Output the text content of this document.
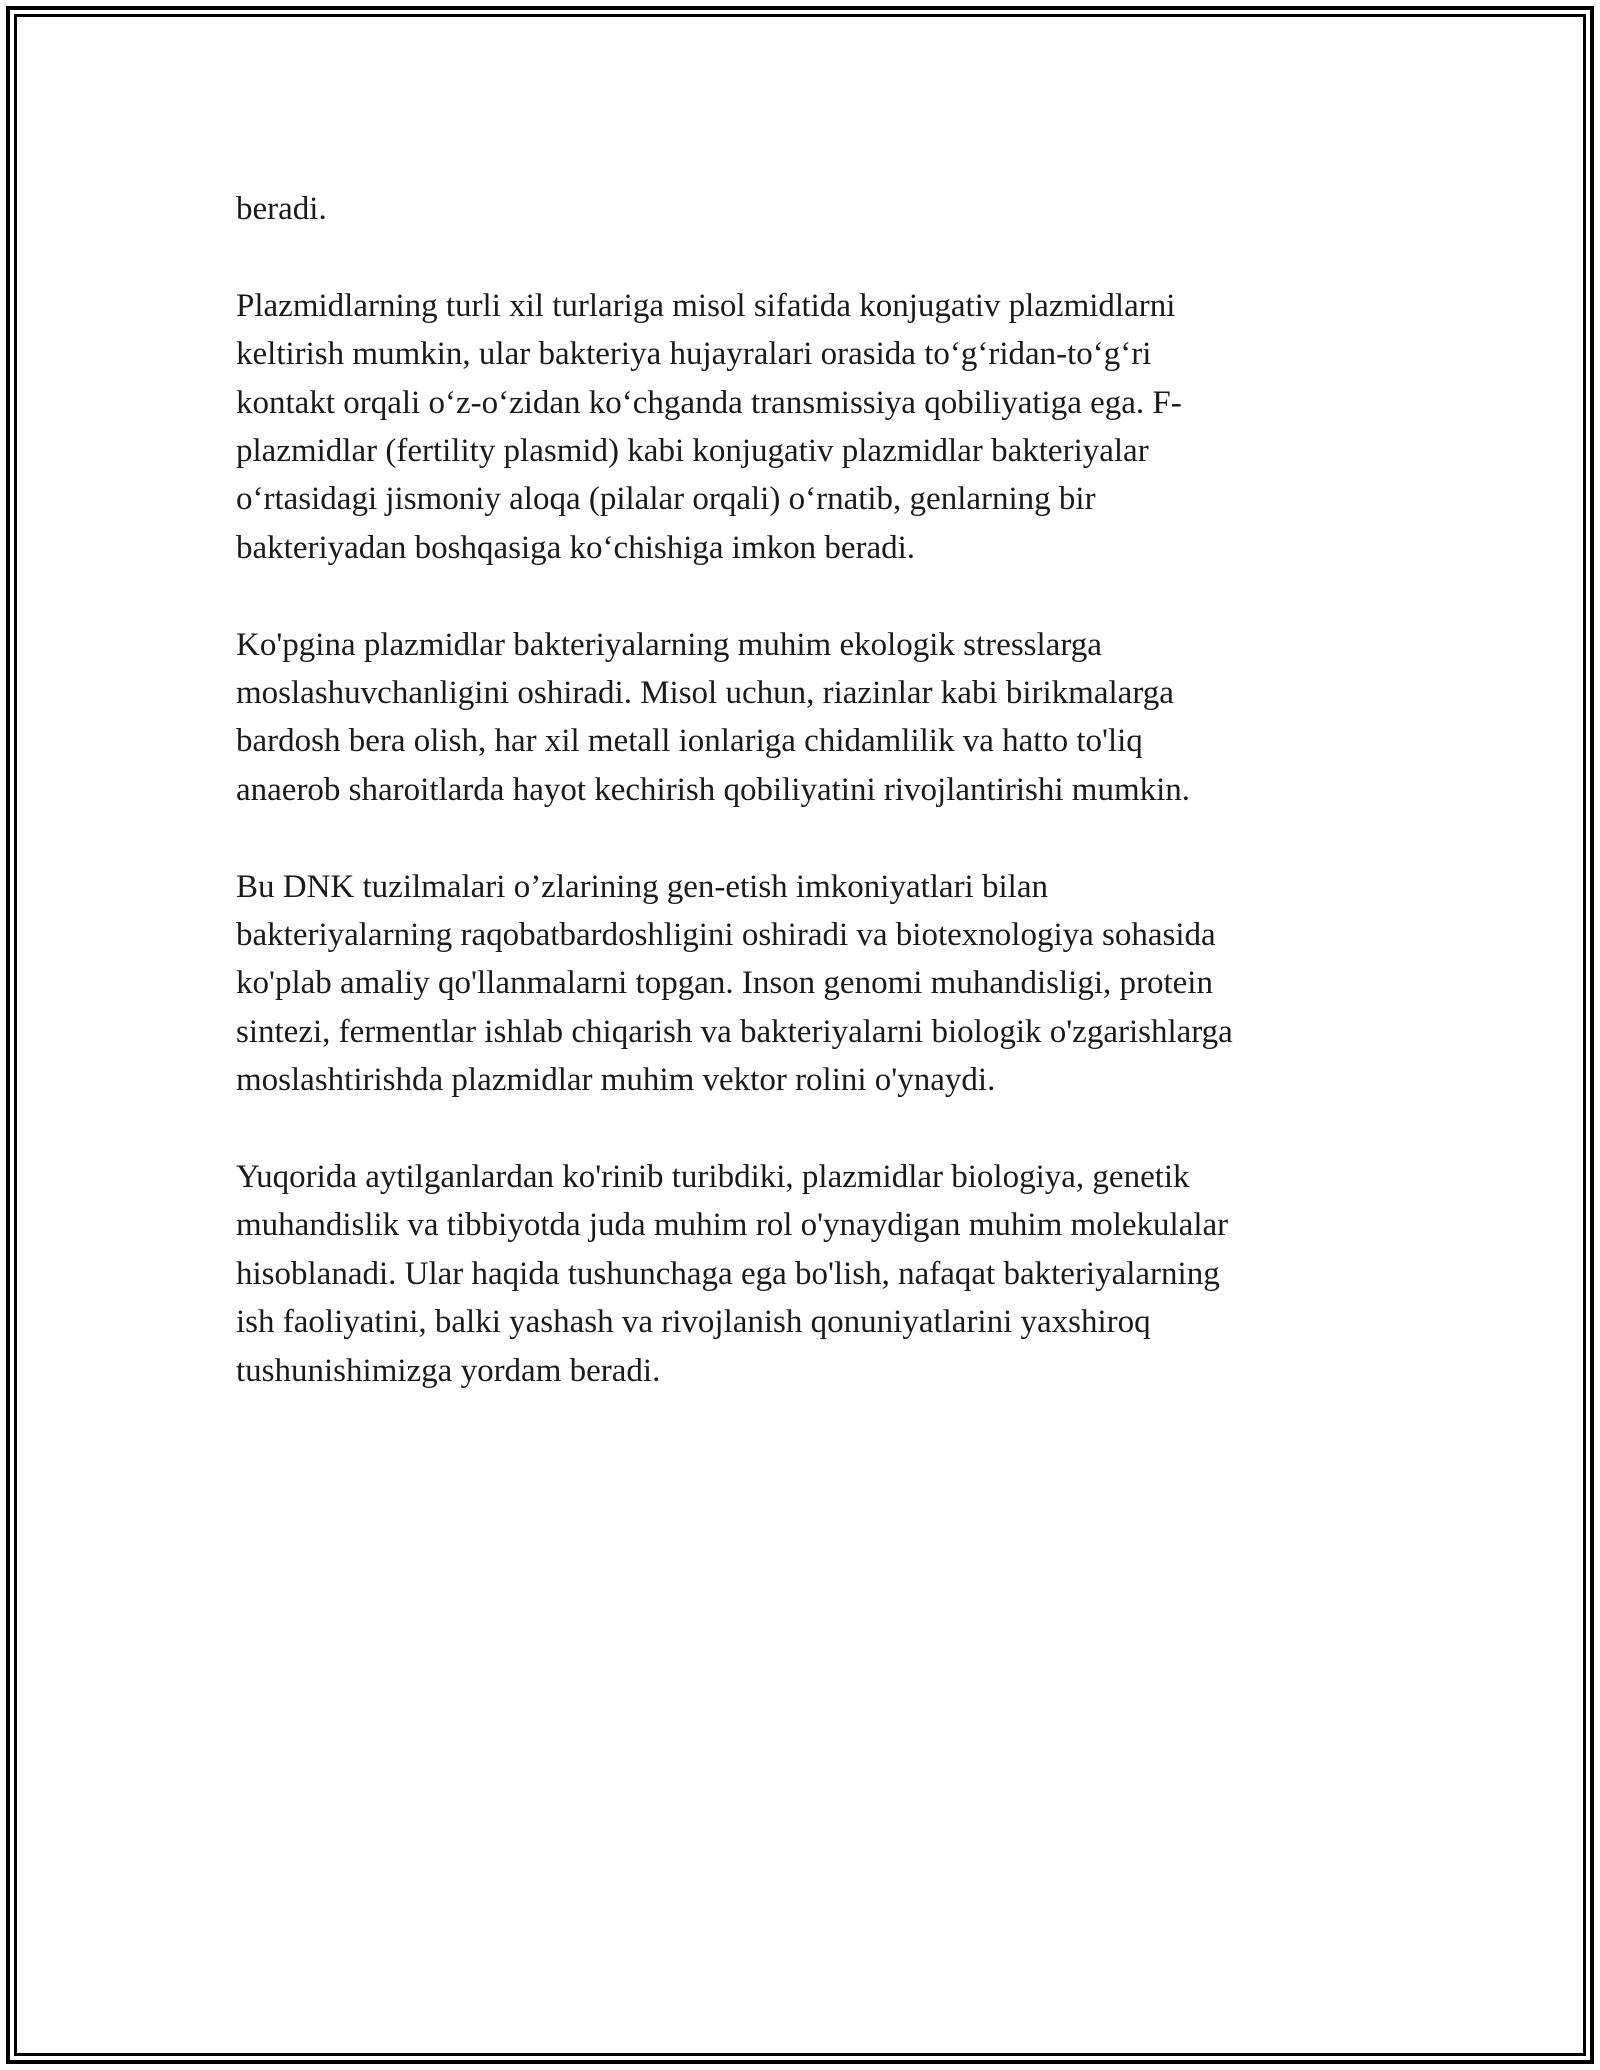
beradi.

Plazmidlarning turli xil turlariga misol sifatida konjugativ plazmidlarni
keltirish mumkin, ular bakteriya hujayralari orasida to‘g‘ridan-to‘g‘ri
kontakt orqali o‘z-o‘zidan ko‘chganda transmissiya qobiliyatiga ega. F-
plazmidlar (fertility plasmid) kabi konjugativ plazmidlar bakteriyalar
o‘rtasidagi jismoniy aloqa (pilalar orqali) o‘rnatib, genlarning bir
bakteriyadan boshqasiga ko‘chishiga imkon beradi.

Ko'pgina plazmidlar bakteriyalarning muhim ekologik stresslarga
moslashuvchanligini oshiradi. Misol uchun, riazinlar kabi birikmalarga
bardosh bera olish, har xil metall ionlariga chidamlilik va hatto to'liq
anaerob sharoitlarda hayot kechirish qobiliyatini rivojlantirishi mumkin.

Bu DNK tuzilmalari o’zlarining gen-etish imkoniyatlari bilan
bakteriyalarning raqobatbardoshligini oshiradi va biotexnologiya sohasida
ko'plab amaliy qo'llanmalarni topgan. Inson genomi muhandisligi, protein
sintezi, fermentlar ishlab chiqarish va bakteriyalarni biologik o'zgarishlarga
moslashtirishda plazmidlar muhim vektor rolini o'ynaydi.

Yuqorida aytilganlardan ko'rinib turibdiki, plazmidlar biologiya, genetik
muhandislik va tibbiyotda juda muhim rol o'ynaydigan muhim molekulalar
hisoblanadi. Ular haqida tushunchaga ega bo'lish, nafaqat bakteriyalarning
ish faoliyatini, balki yashash va rivojlanish qonuniyatlarini yaxshiroq
tushunishimizga yordam beradi.
